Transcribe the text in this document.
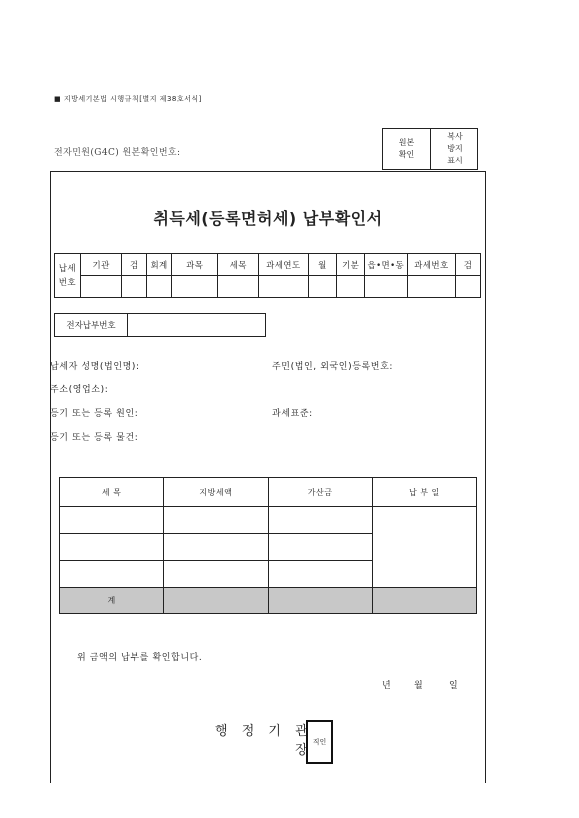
■ 지방세기본법 시행규칙[별지 제38호서식]
전자민원(G4C) 원본확인번호:
원본
확인
복사
방지
표시
취득세(등록면허세) 납부확인서
납세
번호	기관	검	회계	과목	세목	과세연도	월	기분	읍•면•동	과세번호	검

전자납부번호	
납세자 성명(법인명):	주민(법인, 외국인)등록번호:
주소(영업소):
등기 또는 등록 원인:	과세표준:
등기 또는 등록 물건:
세 목	지방세액	가산금	납 부 일

계			
위 금액의 납부를 확인합니다.
년	월	일
행 정 기 관
장
직인
